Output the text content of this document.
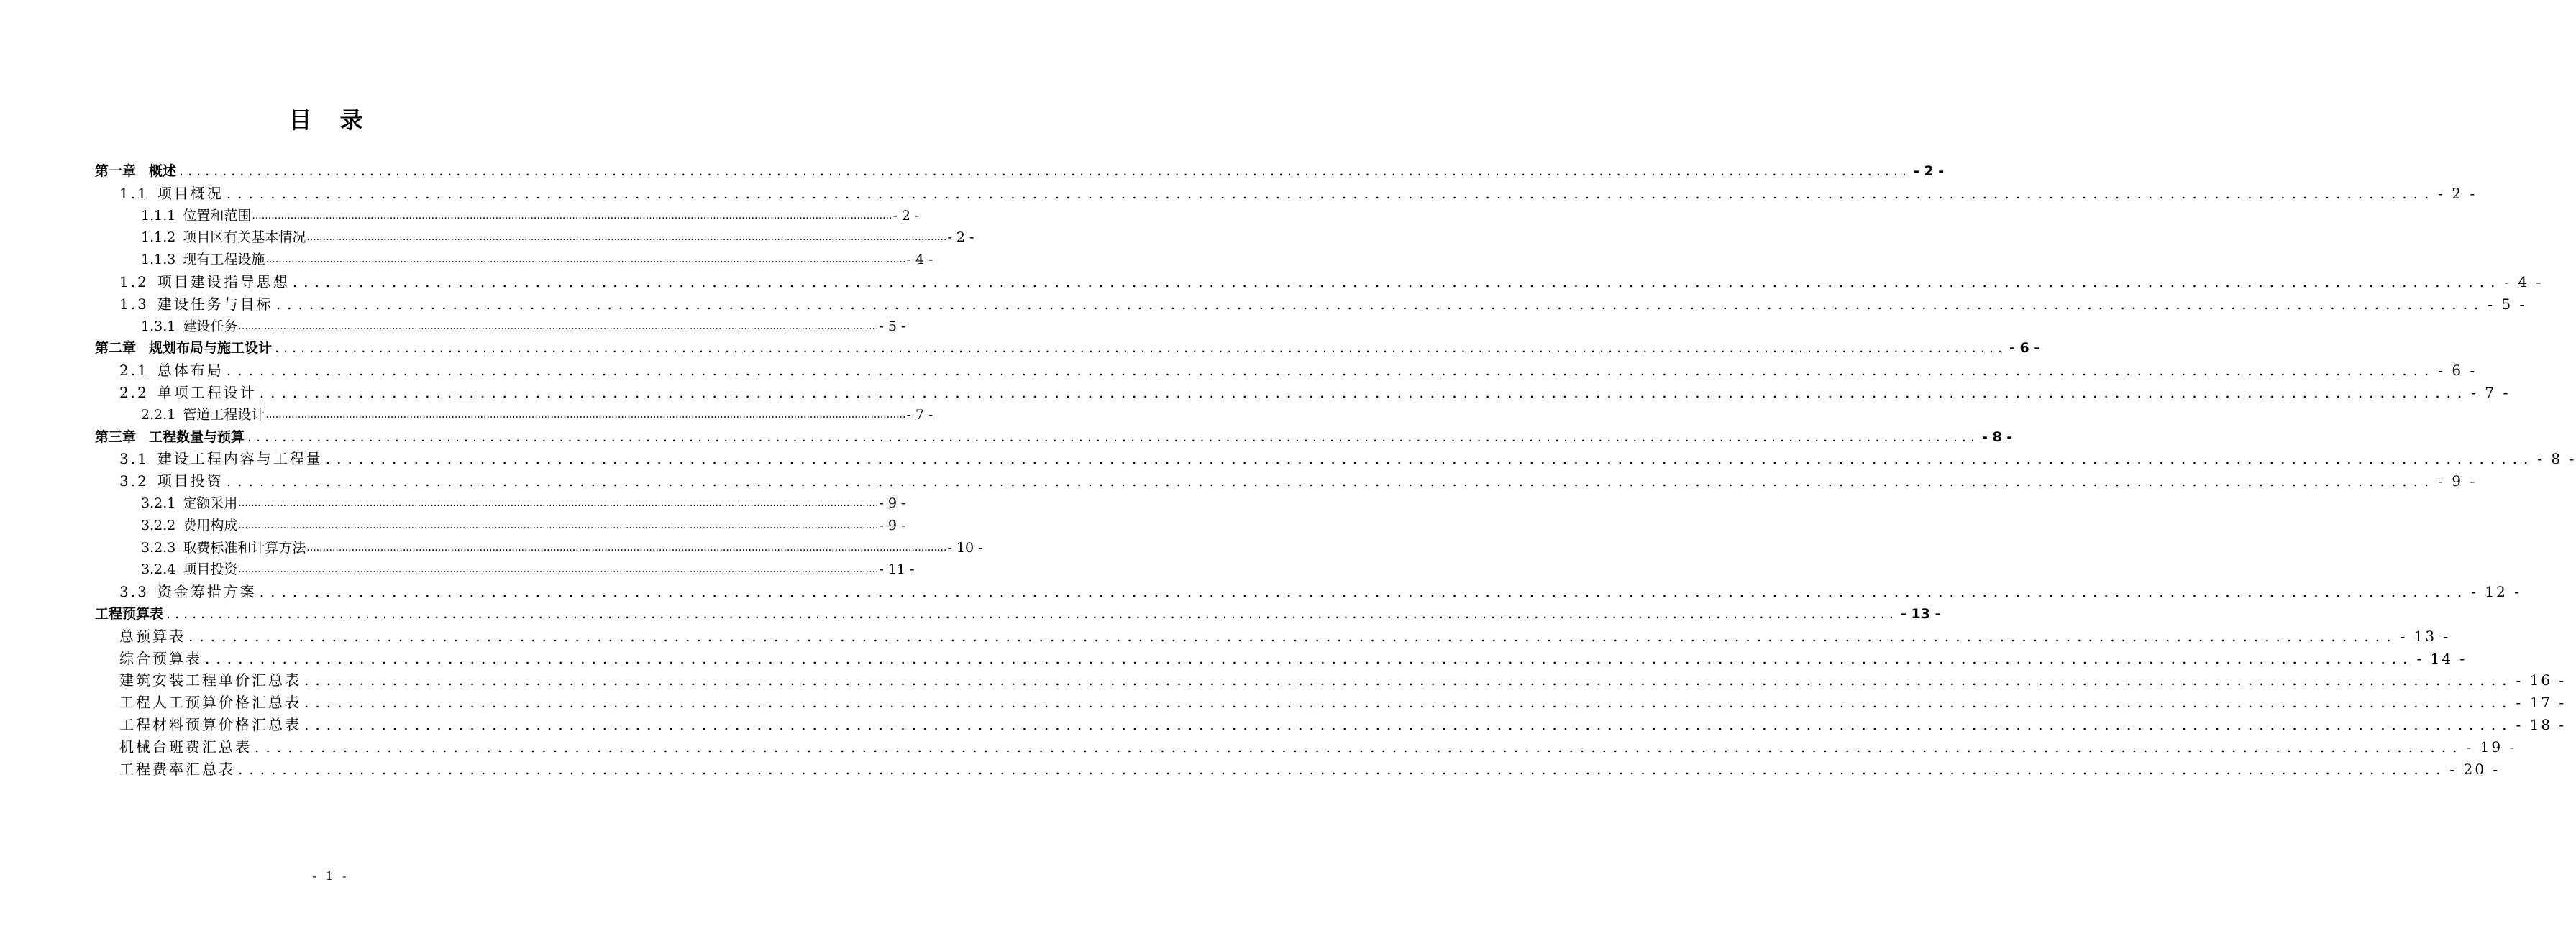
目 录
第一章 概述 ........................................................................................................................................................................................................ - 2 -
1.1 项目概况 ........................................................................................................................................................................................................ - 2 -
1.1.1 位置和范围 ........................................................................................................................................................................................................ - 2 -
1.1.2 项目区有关基本情况 ........................................................................................................................................................................................................ - 2 -
1.1.3 现有工程设施 ........................................................................................................................................................................................................ - 4 -
1.2 项目建设指导思想 ........................................................................................................................................................................................................ - 4 -
1.3 建设任务与目标 ........................................................................................................................................................................................................ - 5 -
1.3.1 建设任务 ........................................................................................................................................................................................................ - 5 -
第二章 规划布局与施工设计 ........................................................................................................................................................................................................ - 6 -
2.1 总体布局 ........................................................................................................................................................................................................ - 6 -
2.2 单项工程设计 ........................................................................................................................................................................................................ - 7 -
2.2.1 管道工程设计 ........................................................................................................................................................................................................ - 7 -
第三章 工程数量与预算 ........................................................................................................................................................................................................ - 8 -
3.1 建设工程内容与工程量 ........................................................................................................................................................................................................ - 8 -
3.2 项目投资 ........................................................................................................................................................................................................ - 9 -
3.2.1 定额采用 ........................................................................................................................................................................................................ - 9 -
3.2.2 费用构成 ........................................................................................................................................................................................................ - 9 -
3.2.3 取费标准和计算方法 ........................................................................................................................................................................................................ - 10 -
3.2.4 项目投资 ........................................................................................................................................................................................................ - 11 -
3.3 资金筹措方案 ........................................................................................................................................................................................................ - 12 -
工程预算表 ........................................................................................................................................................................................................ - 13 -
总预算表 ........................................................................................................................................................................................................ - 13 -
综合预算表 ........................................................................................................................................................................................................ - 14 -
建筑安装工程单价汇总表 ........................................................................................................................................................................................................ - 16 -
工程人工预算价格汇总表 ........................................................................................................................................................................................................ - 17 -
工程材料预算价格汇总表 ........................................................................................................................................................................................................ - 18 -
机械台班费汇总表 ........................................................................................................................................................................................................ - 19 -
工程费率汇总表 ........................................................................................................................................................................................................ - 20 -
- 1 -
